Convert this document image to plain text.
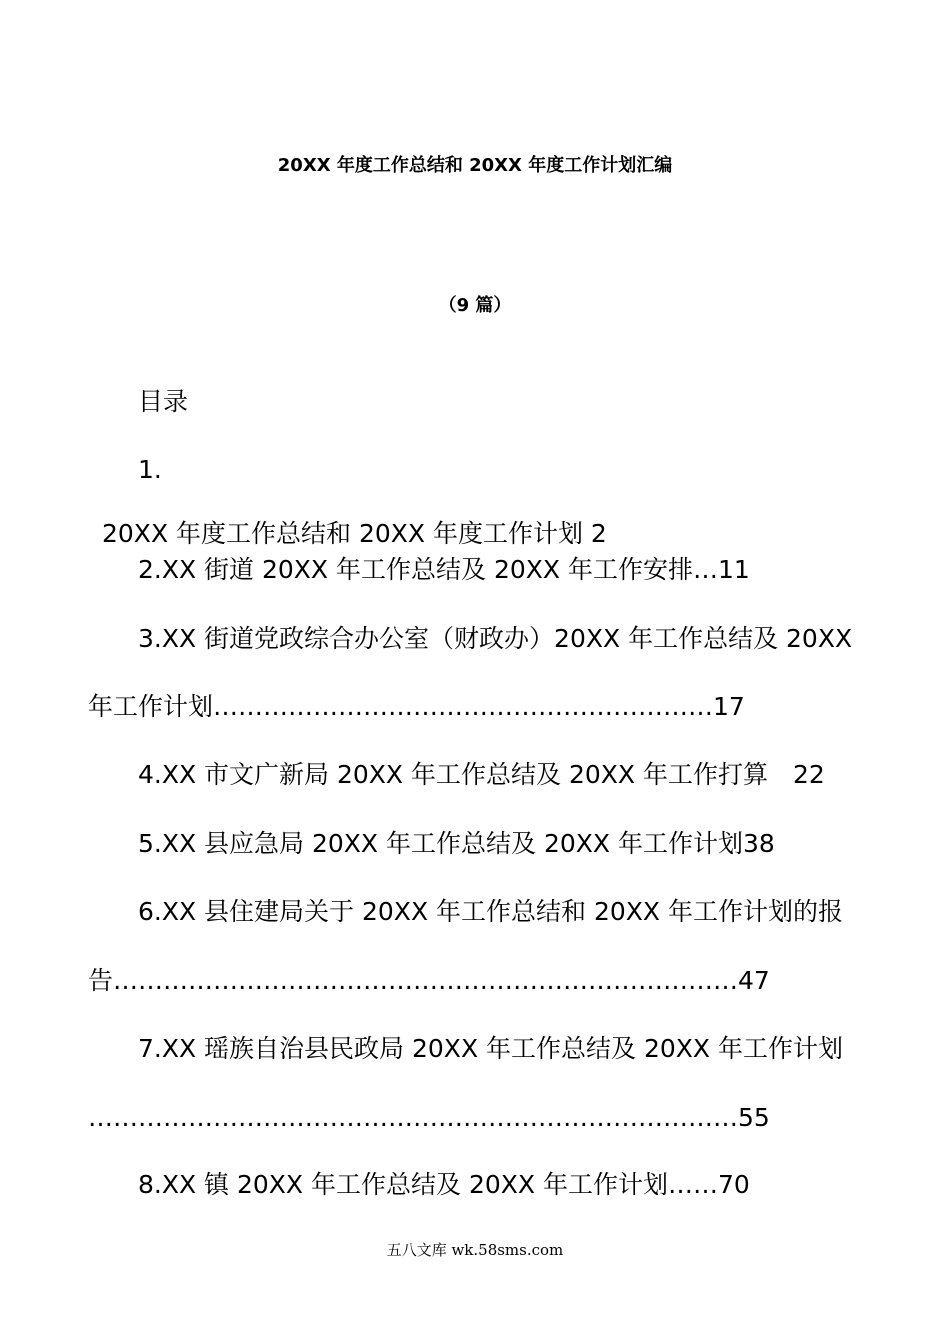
20XX 年度工作总结和 20XX 年度工作计划汇编
（9 篇）
目录
1.
20XX 年度工作总结和 20XX 年度工作计划 2
2.XX 街道 20XX 年工作总结及 20XX 年工作安排…11
3.XX 街道党政综合办公室（财政办）20XX 年工作总结及 20XX
年工作计划……………………………………………………17
4.XX 市文广新局 20XX 年工作总结及 20XX 年工作打算　22
5.XX 县应急局 20XX 年工作总结及 20XX 年工作计划38
6.XX 县住建局关于 20XX 年工作总结和 20XX 年工作计划的报
告…………………………………………………………………47
7.XX 瑶族自治县民政局 20XX 年工作总结及 20XX 年工作计划
……………………………………………………………………55
8.XX 镇 20XX 年工作总结及 20XX 年工作计划……70
五八文库 wk.58sms.com
